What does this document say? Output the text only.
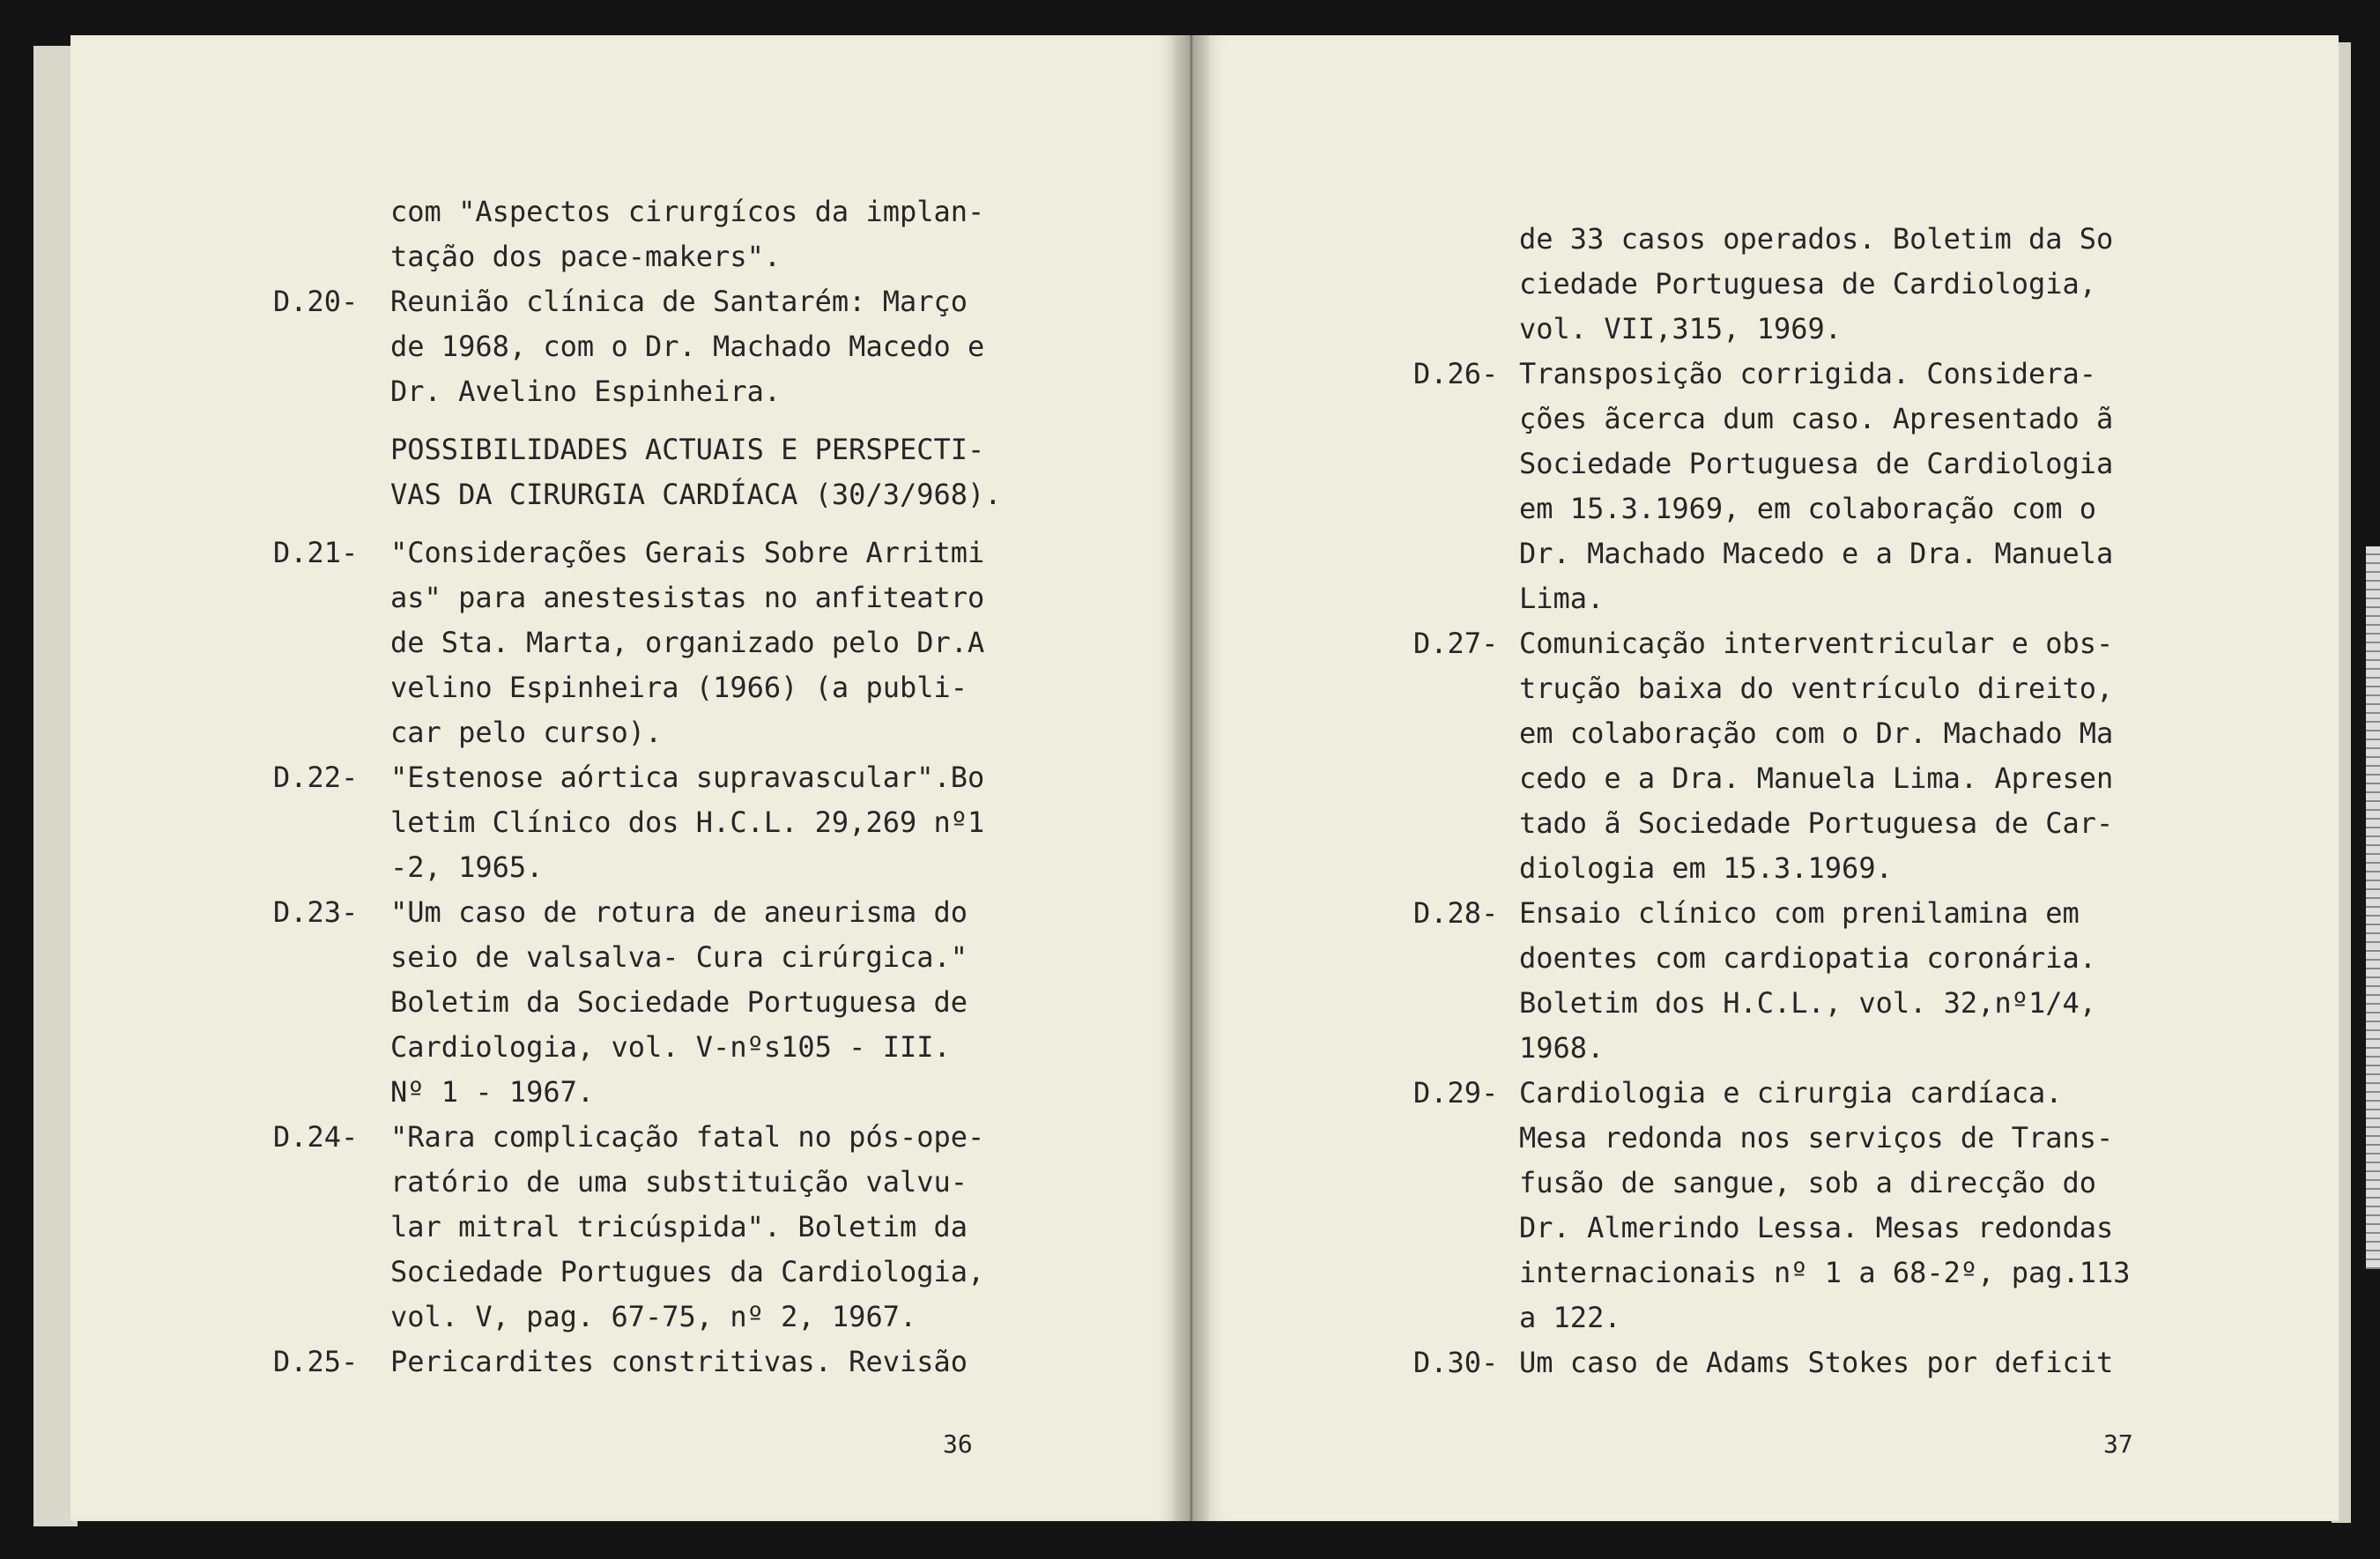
com "Aspectos cirurgícos da implan-
tação dos pace-makers".
D.20- Reunião clínica de Santarém: Março
de 1968, com o Dr. Machado Macedo e
Dr. Avelino Espinheira.
POSSIBILIDADES ACTUAIS E PERSPECTI-
VAS DA CIRURGIA CARDÍACA (30/3/968).
D.21- "Considerações Gerais Sobre Arritmi
as" para anestesistas no anfiteatro
de Sta. Marta, organizado pelo Dr.A
velino Espinheira (1966) (a publi-
car pelo curso).
D.22- "Estenose aórtica supravascular".Bo
letim Clínico dos H.C.L. 29,269 nº1
-2, 1965.
D.23- "Um caso de rotura de aneurisma do
seio de valsalva- Cura cirúrgica."
Boletim da Sociedade Portuguesa de
Cardiologia, vol. V-nºs105 - III.
Nº 1 - 1967.
D.24- "Rara complicação fatal no pós-ope-
ratório de uma substituição valvu-
lar mitral tricúspida". Boletim da
Sociedade Portugues da Cardiologia,
vol. V, pag. 67-75, nº 2, 1967.
D.25- Pericardites constritivas. Revisão
36
de 33 casos operados. Boletim da So
ciedade Portuguesa de Cardiologia,
vol. VII,315, 1969.
D.26- Transposição corrigida. Considera-
ções ãcerca dum caso. Apresentado ã
Sociedade Portuguesa de Cardiologia
em 15.3.1969, em colaboração com o
Dr. Machado Macedo e a Dra. Manuela
Lima.
D.27- Comunicação interventricular e obs-
trução baixa do ventrículo direito,
em colaboração com o Dr. Machado Ma
cedo e a Dra. Manuela Lima. Apresen
tado ã Sociedade Portuguesa de Car-
diologia em 15.3.1969.
D.28- Ensaio clínico com prenilamina em
doentes com cardiopatia coronária.
Boletim dos H.C.L., vol. 32,nº1/4,
1968.
D.29- Cardiologia e cirurgia cardíaca.
Mesa redonda nos serviços de Trans-
fusão de sangue, sob a direcção do
Dr. Almerindo Lessa. Mesas redondas
internacionais nº 1 a 68-2º, pag.113
a 122.
D.30- Um caso de Adams Stokes por deficit
37
